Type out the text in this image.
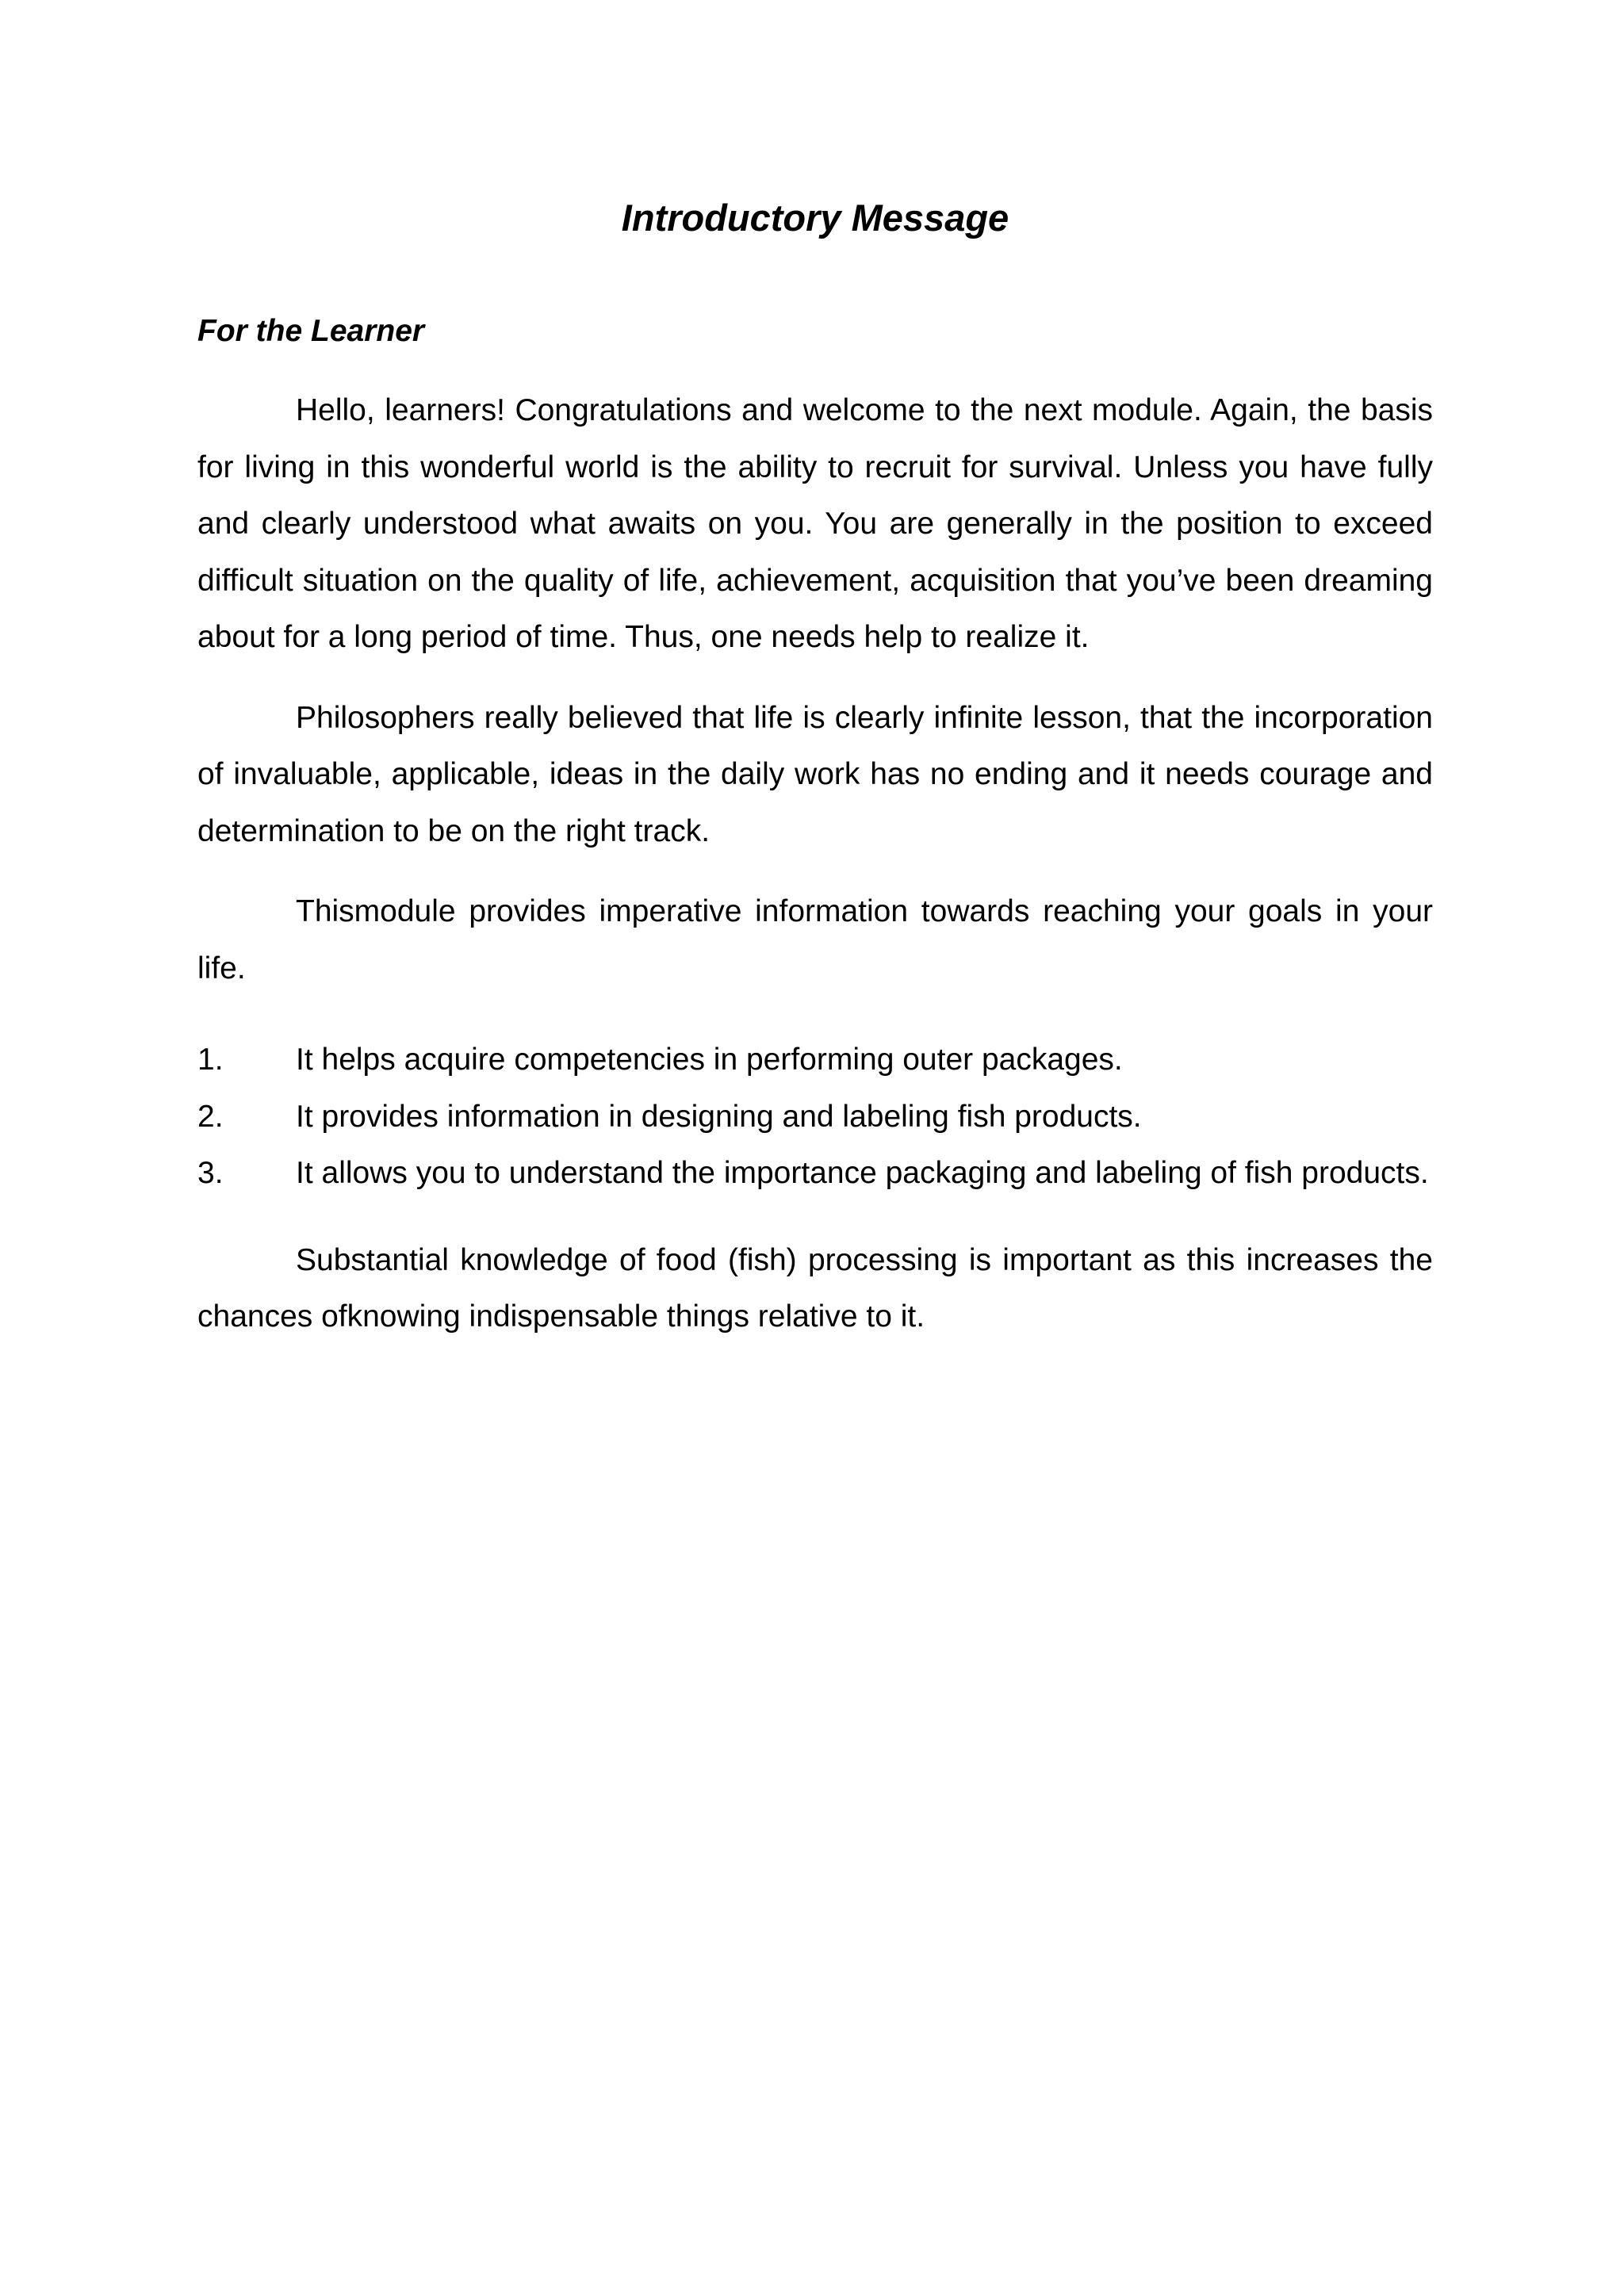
Introductory Message
For the Learner

Hello, learners! Congratulations and welcome to the next module. Again, the basis for living in this wonderful world is the ability to recruit for survival. Unless you have fully and clearly understood what awaits on you. You are generally in the position to exceed difficult situation on the quality of life, achievement, acquisition that you’ve been dreaming about for a long period of time. Thus, one needs help to realize it.

Philosophers really believed that life is clearly infinite lesson, that the incorporation of invaluable, applicable, ideas in the daily work has no ending and it needs courage and determination to be on the right track.

Thismodule provides imperative information towards reaching your goals in your life.

1.	It helps acquire competencies in performing outer packages.
2.	It provides information in designing and labeling fish products.
3.	It allows you to understand the importance packaging and labeling of fish products.

Substantial knowledge of food (fish) processing is important as this increases the chances ofknowing indispensable things relative to it.
